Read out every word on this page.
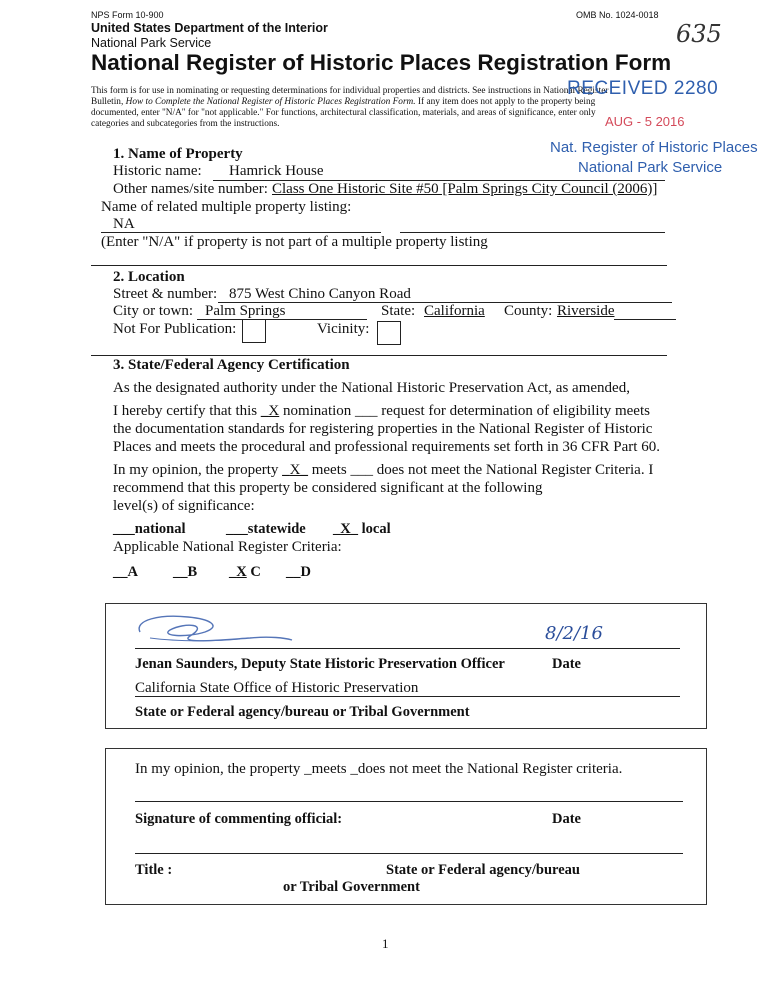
NPS Form 10-900	OMB No. 1024-0018
United States Department of the Interior
National Park Service	635
National Register of Historic Places Registration Form
This form is for use in nominating or requesting determinations for individual properties and districts. See instructions in National Register
Bulletin, How to Complete the National Register of Historic Places Registration Form. If any item does not apply to the property being
documented, enter "N/A" for "not applicable." For functions, architectural classification, materials, and areas of significance, enter only
categories and subcategories from the instructions.
RECEIVED 2280
AUG - 5 2016
Nat. Register of Historic Places
National Park Service
1. Name of Property
Historic name: Hamrick House
Other names/site number: Class One Historic Site #50 [Palm Springs City Council (2006)]
Name of related multiple property listing:
NA
(Enter "N/A" if property is not part of a multiple property listing
2. Location
Street & number: 875 West Chino Canyon Road
City or town: Palm Springs	State: California County: Riverside
Not For Publication:	Vicinity:
3. State/Federal Agency Certification
As the designated authority under the National Historic Preservation Act, as amended,
I hereby certify that this _X nomination ___ request for determination of eligibility meets
the documentation standards for registering properties in the National Register of Historic
Places and meets the procedural and professional requirements set forth in 36 CFR Part 60.
In my opinion, the property _X_ meets ___ does not meet the National Register Criteria. I
recommend that this property be considered significant at the following
level(s) of significance:
___national	___statewide _X_ local
Applicable National Register Criteria:
__A __B _X C __D
8/2/16
Jenan Saunders, Deputy State Historic Preservation Officer	Date
California State Office of Historic Preservation
State or Federal agency/bureau or Tribal Government
In my opinion, the property _meets _does not meet the National Register criteria.
Signature of commenting official:	Date
Title :	State or Federal agency/bureau
or Tribal Government
1
